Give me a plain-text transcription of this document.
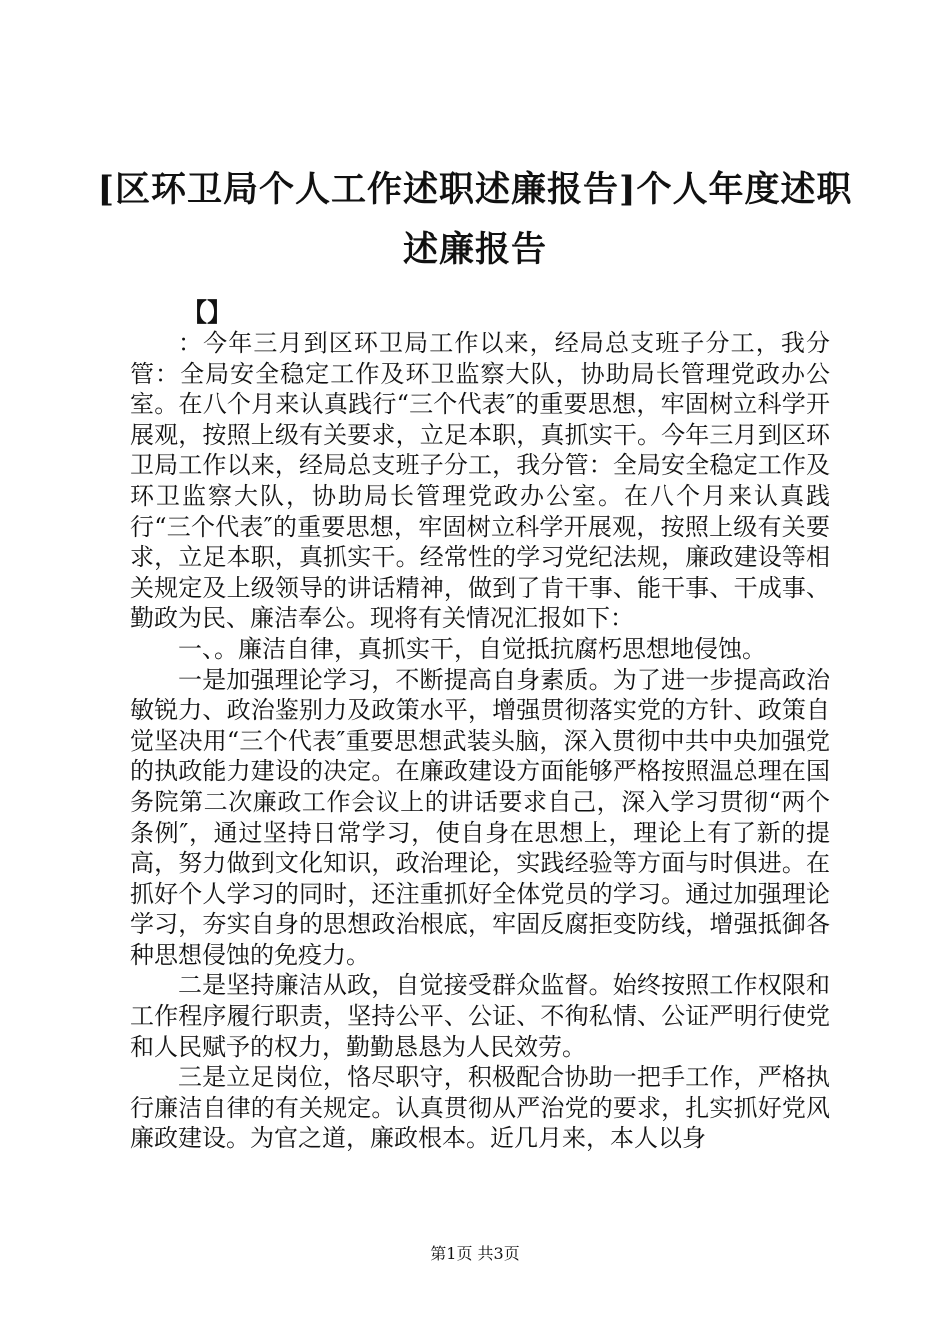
[区环卫局个人工作述职述廉报告]个人年度述职述廉报告
【】

：今年三月到区环卫局工作以来，经局总支班子分工，我分管：全局安全稳定工作及环卫监察大队，协助局长管理党政办公室。在八个月来认真践行“三个代表″的重要思想，牢固树立科学开展观，按照上级有关要求，立足本职，真抓实干。今年三月到区环卫局工作以来，经局总支班子分工，我分管：全局安全稳定工作及环卫监察大队，协助局长管理党政办公室。在八个月来认真践行“三个代表″的重要思想，牢固树立科学开展观，按照上级有关要求，立足本职，真抓实干。经常性的学习党纪法规，廉政建设等相关规定及上级领导的讲话精神，做到了肯干事、能干事、干成事、勤政为民、廉洁奉公。现将有关情况汇报如下：

一、。廉洁自律，真抓实干，自觉抵抗腐朽思想地侵蚀。

一是加强理论学习，不断提高自身素质。为了进一步提高政治敏锐力、政治鉴别力及政策水平，增强贯彻落实党的方针、政策自觉坚决用“三个代表″重要思想武装头脑，深入贯彻中共中央加强党的执政能力建设的决定。在廉政建设方面能够严格按照温总理在国务院第二次廉政工作会议上的讲话要求自己，深入学习贯彻“两个条例″，通过坚持日常学习，使自身在思想上，理论上有了新的提高，努力做到文化知识，政治理论，实践经验等方面与时俱进。在抓好个人学习的同时，还注重抓好全体党员的学习。通过加强理论学习，夯实自身的思想政治根底，牢固反腐拒变防线，增强抵御各种思想侵蚀的免疫力。

二是坚持廉洁从政，自觉接受群众监督。始终按照工作权限和工作程序履行职责，坚持公平、公证、不徇私情、公证严明行使党和人民赋予的权力，勤勤恳恳为人民效劳。

三是立足岗位，恪尽职守，积极配合协助一把手工作，严格执行廉洁自律的有关规定。认真贯彻从严治党的要求，扎实抓好党风廉政建设。为官之道，廉政根本。近几月来，本人以身

第1页 共3页
